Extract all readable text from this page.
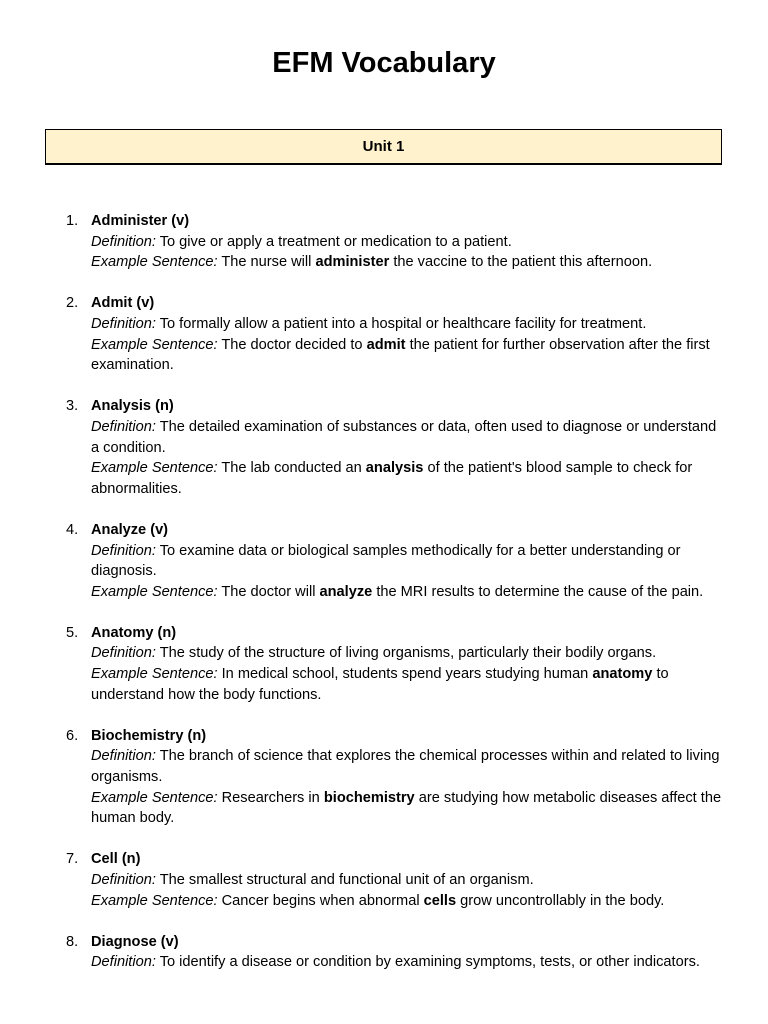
EFM Vocabulary
Unit 1
1. Administer (v)
Definition: To give or apply a treatment or medication to a patient.
Example Sentence: The nurse will administer the vaccine to the patient this afternoon.
2. Admit (v)
Definition: To formally allow a patient into a hospital or healthcare facility for treatment.
Example Sentence: The doctor decided to admit the patient for further observation after the first examination.
3. Analysis (n)
Definition: The detailed examination of substances or data, often used to diagnose or understand a condition.
Example Sentence: The lab conducted an analysis of the patient's blood sample to check for abnormalities.
4. Analyze (v)
Definition: To examine data or biological samples methodically for a better understanding or diagnosis.
Example Sentence: The doctor will analyze the MRI results to determine the cause of the pain.
5. Anatomy (n)
Definition: The study of the structure of living organisms, particularly their bodily organs.
Example Sentence: In medical school, students spend years studying human anatomy to understand how the body functions.
6. Biochemistry (n)
Definition: The branch of science that explores the chemical processes within and related to living organisms.
Example Sentence: Researchers in biochemistry are studying how metabolic diseases affect the human body.
7. Cell (n)
Definition: The smallest structural and functional unit of an organism.
Example Sentence: Cancer begins when abnormal cells grow uncontrollably in the body.
8. Diagnose (v)
Definition: To identify a disease or condition by examining symptoms, tests, or other indicators.
